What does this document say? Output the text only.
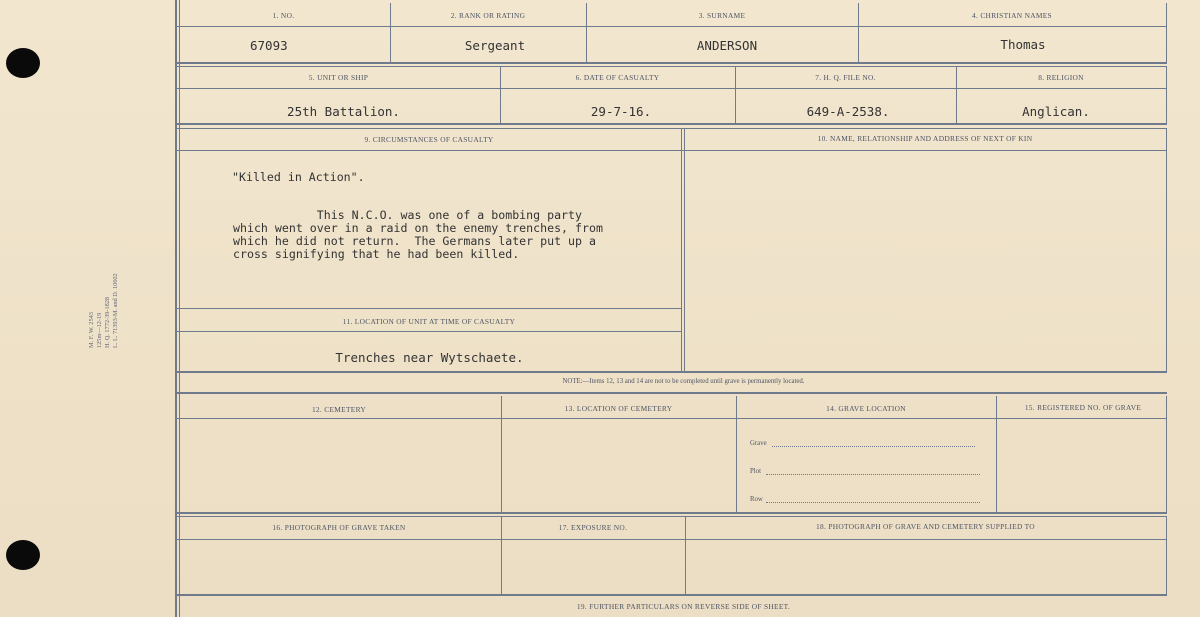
M. F. W. 2543 125m—12-19 H. Q. 1772-39-1828 L. L. 71393-M. and D. 10602
1. NO.	2. RANK OR RATING	3. SURNAME	4. CHRISTIAN NAMES
67093	Sergeant	ANDERSON	Thomas
5. UNIT OR SHIP	6. DATE OF CASUALTY	7. H. Q. FILE NO.	8. RELIGION
25th Battalion.	29-7-16.	649-A-2538.	Anglican.
9. CIRCUMSTANCES OF CASUALTY	10. NAME, RELATIONSHIP AND ADDRESS OF NEXT OF KIN
"Killed in Action".
This N.C.O. was one of a bombing party
which went over in a raid on the enemy trenches, from
which he did not return.  The Germans later put up a
cross signifying that he had been killed.
11. LOCATION OF UNIT AT TIME OF CASUALTY
Trenches near Wytschaete.
NOTE:—Items 12, 13 and 14 are not to be completed until grave is permanently located.
12. CEMETERY	13. LOCATION OF CEMETERY	14. GRAVE LOCATION	15. REGISTERED NO. OF GRAVE
Grave
Plot
Row
16. PHOTOGRAPH OF GRAVE TAKEN	17. EXPOSURE NO.	18. PHOTOGRAPH OF GRAVE AND CEMETERY SUPPLIED TO
19. FURTHER PARTICULARS ON REVERSE SIDE OF SHEET.
